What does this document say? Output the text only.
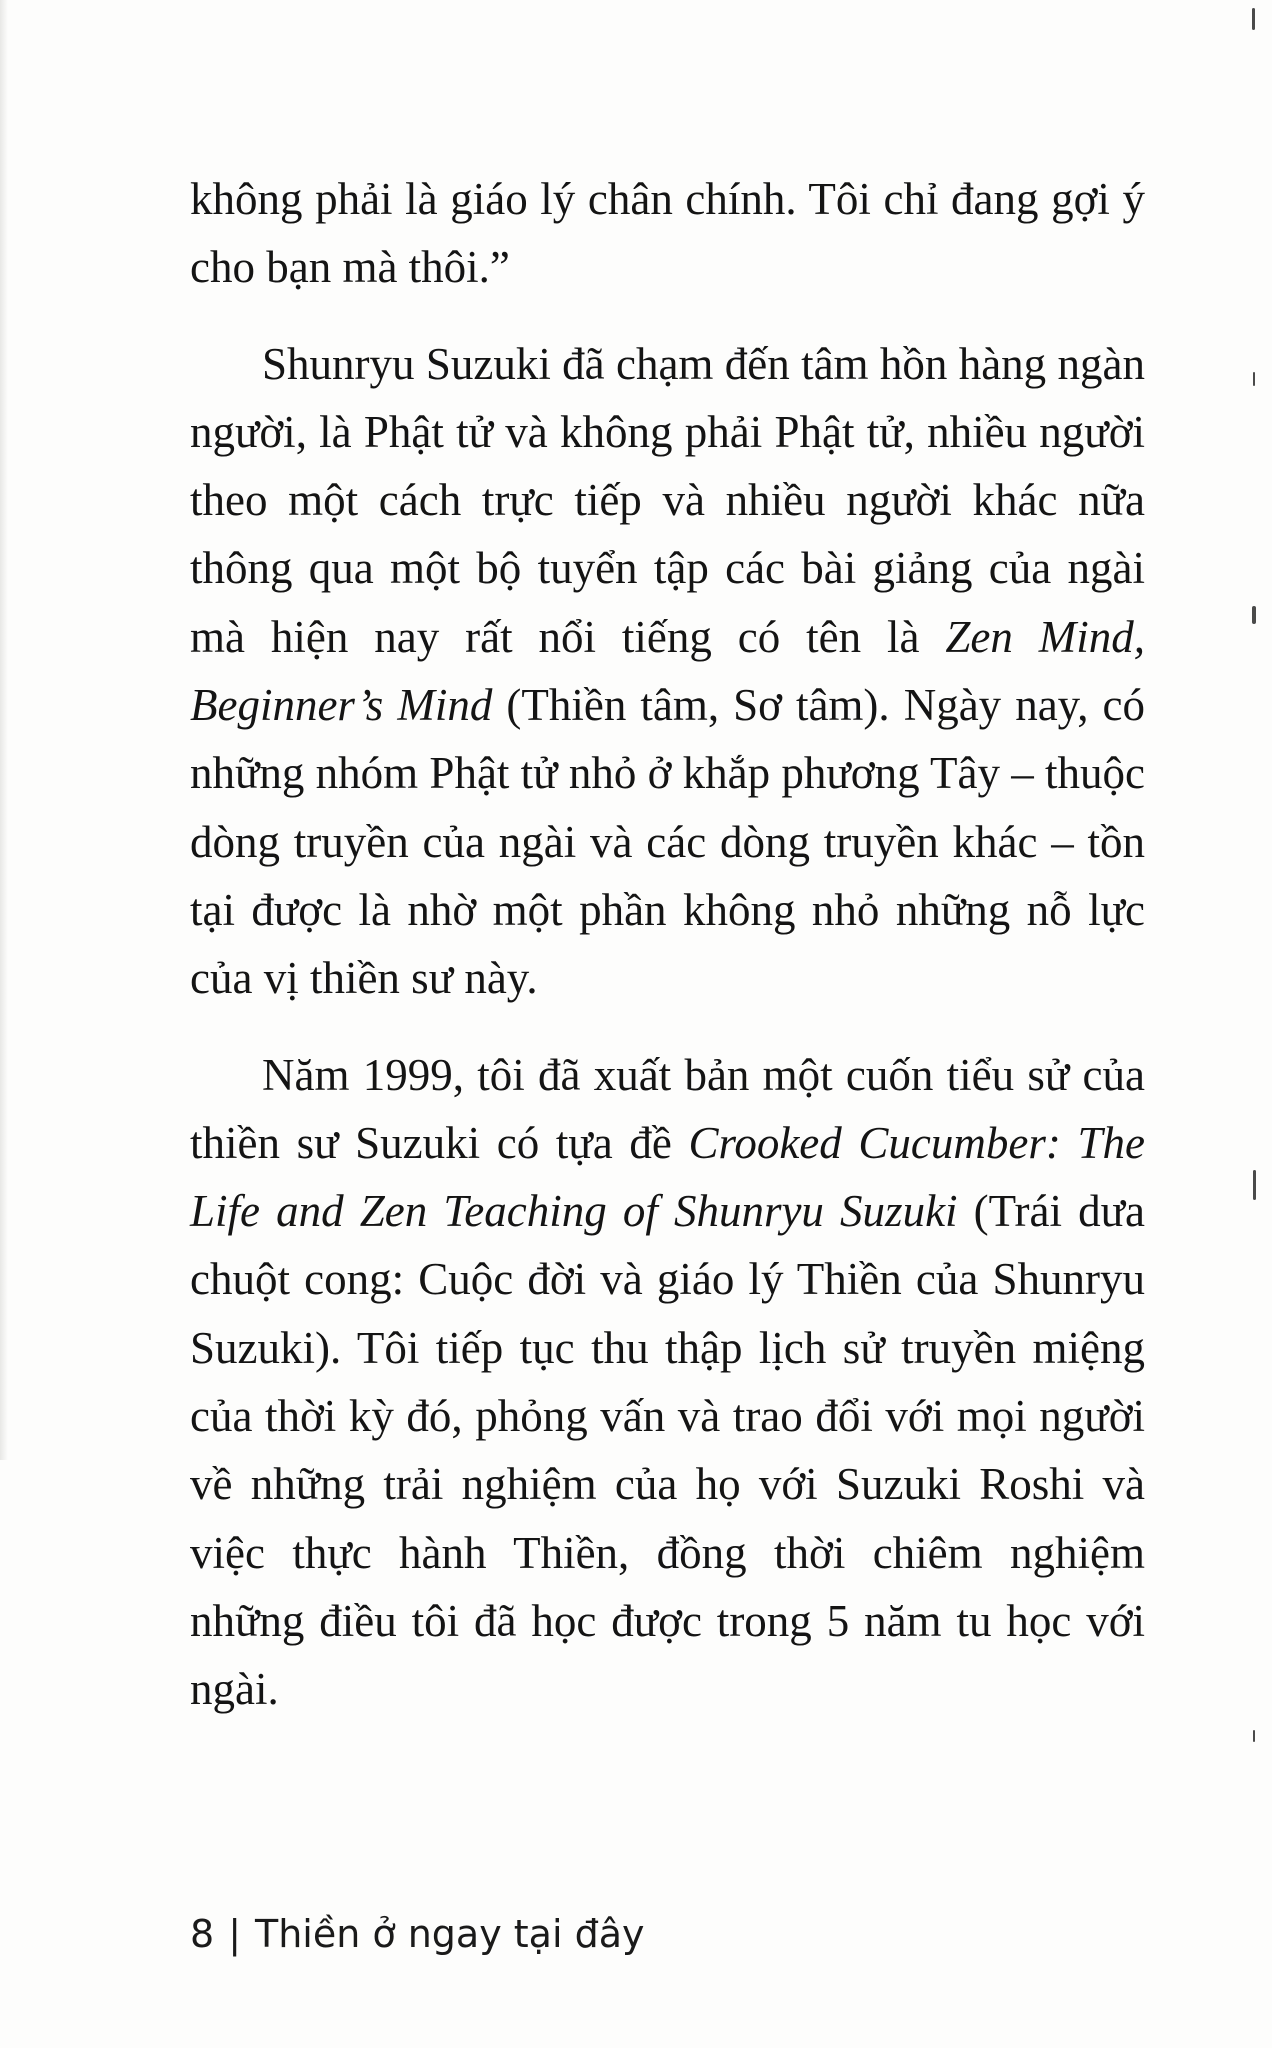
không phải là giáo lý chân chính. Tôi chỉ đang gợi ý cho bạn mà thôi.”

Shunryu Suzuki đã chạm đến tâm hồn hàng ngàn người, là Phật tử và không phải Phật tử, nhiều người theo một cách trực tiếp và nhiều người khác nữa thông qua một bộ tuyển tập các bài giảng của ngài mà hiện nay rất nổi tiếng có tên là Zen Mind, Beginner’s Mind (Thiền tâm, Sơ tâm). Ngày nay, có những nhóm Phật tử nhỏ ở khắp phương Tây – thuộc dòng truyền của ngài và các dòng truyền khác – tồn tại được là nhờ một phần không nhỏ những nỗ lực của vị thiền sư này.

Năm 1999, tôi đã xuất bản một cuốn tiểu sử của thiền sư Suzuki có tựa đề Crooked Cucumber: The Life and Zen Teaching of Shunryu Suzuki (Trái dưa chuột cong: Cuộc đời và giáo lý Thiền của Shunryu Suzuki). Tôi tiếp tục thu thập lịch sử truyền miệng của thời kỳ đó, phỏng vấn và trao đổi với mọi người về những trải nghiệm của họ với Suzuki Roshi và việc thực hành Thiền, đồng thời chiêm nghiệm những điều tôi đã học được trong 5 năm tu học với ngài.

8 | Thiền ở ngay tại đây
